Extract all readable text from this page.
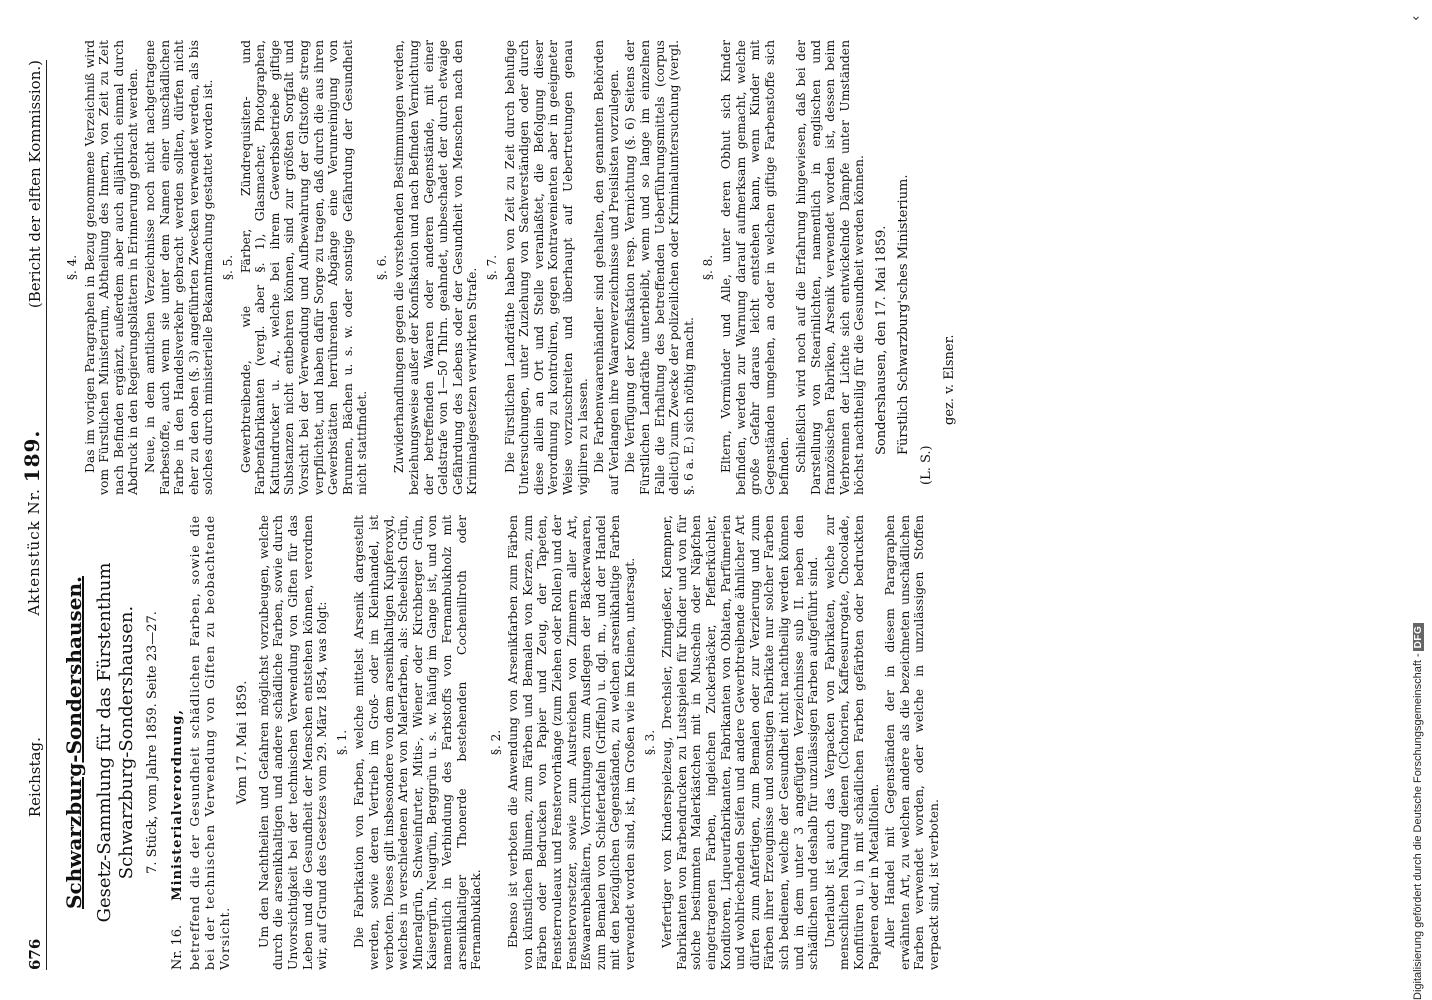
676
Reichstag.
Aktenstück Nr. 189.
(Bericht der elften Kommission.)
Schwarzburg-Sondershausen. Gesetz-Sammlung für das Fürstenthum Schwarzburg-Sondershausen. 7. Stück, vom Jahre 1859. Seite 23—27.
Nr. 16. Ministerialverordnung, betreffend die der Gesundheit schädlichen Farben, sowie die bei der technischen Verwendung von Giften zu beobachtende Vorsicht.
Vom 17. Mai 1859. Um den Nachtheilen und Gefahren möglichst vorzubeugen, welche durch die arsenikhaltigen und andere schädliche Farben, sowie durch Unvorsichtigkeit bei der technischen Verwendung von Giften für das Leben und die Gesundheit der Menschen entstehen können, verordnen wir, auf Grund des Gesetzes vom 29. März 1854, was folgt: §. 1. Die Fabrikation von Farben, welche mittelst Arsenik dargestellt werden, sowie deren Vertrieb im Groß- oder im Kleinhandel, ist verboten. Dieses gilt insbesondere von dem arsenikhaltigen Kupferoxyd, welches in verschiedenen Arten von Malerfarben, als: Scheelisch Grün, Mineralgrün, Schweinfurter, Mitis-, Wiener oder Kirchberger Grün, Kaisergrün, Neugrün, Berggrün u. s. w. häufig im Gange ist, und von namentlich in Verbindung des Farbstoffs von Fernambukholz mit arsenikhaltiger Thonerde bestehenden Cochenillroth oder Fernambuklack.
§. 2. Ebenso ist verboten die Anwendung von Arsenikfarben zum Färben von künstlichen Blumen, zum Färben und Bemalen von Kerzen, zum Färben oder Bedrucken von Papier und Zeug, der Tapeten, Fensterrouleaux und Fenstervorhänge (zum Ziehen oder Rollen) und der Fenstervorsetzer, sowie zum Austreichen von Zimmern aller Art, Eßwaarenbehältern, Vorrichtungen zum Ausflegen der Bäckerwaaren, zum Bemalen von Schiefertafeln (Griffeln) u. dgl. m., und der Handel mit den bezüglichen Gegenständen, zu welchen arsenikhaltige Farben verwendet worden sind, ist, im Großen wie im Kleinen, untersagt. §. 3. Verfertiger von Kinderspielzeug, Drechsler, Zinngießer, Klempner, Fabrikanten von Farbendrucken zu Lustspielen für Kinder und von für solche bestimmten Malerkästchen mit in Muscheln oder Näpfchen eingetragenen Farben, ingleichen Zuckerbäcker, Pfefferküchler, Konditoren, Liqueurfabrikanten, Fabrikanten von Oblaten, Parfümerien und wohlriechenden Seifen und andere Gewerbtreibende ähnlicher Art dürfen zum Anfertigen, zum Bemalen oder zur Verzierung und zum Färben ihrer Erzeugnisse und sonstigen Fabrikate nur solcher Farben sich bedienen, welche der Gesundheit nicht nachtheilig werden können und in dem unter 3 angefügten Verzeichnisse sub II. neben den schädlichen und deshalb für unzulässigen Farben aufgeführt sind. Unerlaubt ist auch das Verpacken von Fabrikaten, welche zur menschlichen Nahrung dienen (Cichorien, Kaffeesurrogate, Chocolade, Konfitüren u.) in mit schädlichen Farben gefärbten oder bedruckten Papieren oder in Metallfolien. Aller Handel mit Gegenständen der in diesem Paragraphen erwähnten Art, zu welchen andere als die bezeichneten unschädlichen Farben verwendet worden, oder welche in unzulässigen Stoffen verpackt sind, ist verboten.
§. 4. Das im vorigen Paragraphen in Bezug genommene Verzeichniß wird vom Fürstlichen Ministerium, Abtheilung des Innern, von Zeit zu Zeit nach Befinden ergänzt, außerdem aber auch alljährlich einmal durch Abdruck in den Regierungsblättern in Erinnerung gebracht werden. Neue, in dem amtlichen Verzeichnisse noch nicht nachgetragene Farbestoffe, auch wenn sie unter dem Namen einer unschädlichen Farbe in den Handelsverkehr gebracht werden sollten, dürfen nicht eher zu den oben (§. 3) angeführten Zwecken verwendet werden, als bis solches durch ministerielle Bekanntmachung gestattet worden ist. §. 5. Gewerbtreibende, wie Färber, Zündrequisiten- und Farbenfabrikanten (vergl. aber §. 1), Glasmacher, Photographen, Kattundrucker u. A., welche bei ihrem Gewerbsbetriebe giftige Substanzen nicht entbehren können, sind zur größten Sorgfalt und Vorsicht bei der Verwendung und Aufbewahrung der Giftstoffe streng verpflichtet, und haben dafür Sorge zu tragen, daß durch die aus ihren Gewerbstätten herrührenden Abgänge eine Verunreinigung von Brunnen, Bächen u. s. w. oder sonstige Gefährdung der Gesundheit nicht stattfindet.
§. 6. Zuwiderhandlungen gegen die vorstehenden Bestimmungen werden, beziehungsweise außer der Konfiskation und nach Befinden Vernichtung der betreffenden Waaren oder anderen Gegenstände, mit einer Geldstrafe von 1—50 Thlrn. geahndet, unbeschadet der durch etwaige Gefährdung des Lebens oder der Gesundheit von Menschen nach den Kriminalgesetzen verwirkten Strafe.
§. 7. Die Fürstlichen Landräthe haben von Zeit zu Zeit durch behufige Untersuchungen, unter Zuziehung von Sachverständigen oder durch diese allein an Ort und Stelle veranlaßtet, die Befolgung dieser Verordnung zu kontroliren, gegen Kontravenienten aber in geeigneter Weise vorzuschreiten und überhaupt auf Uebertretungen genau vigiliren zu lassen. Die Farbenwaarenhändler sind gehalten, den genannten Behörden auf Verlangen ihre Waarenverzeichnisse und Preislisten vorzulegen. Die Verfügung der Konfiskation resp. Vernichtung (§. 6) Seitens der Fürstlichen Landräthe unterbleibt, wenn und so lange im einzelnen Falle die Erhaltung des betreffenden Ueberführungsmittels (corpus delicti) zum Zwecke der polizeilichen oder Kriminaluntersuchung (vergl. §. 6 a. E.) sich nöthig macht.
§. 8. Eltern, Vormünder und Alle, unter deren Obhut sich Kinder befinden, werden zur Warnung darauf aufmerksam gemacht, welche große Gefahr daraus leicht entstehen kann, wenn Kinder mit Gegenständen umgehen, an oder in welchen giftige Farbenstoffe sich befinden. Schließlich wird noch auf die Erfahrung hingewiesen, daß bei der Darstellung von Stearinlichten, namentlich in englischen und französischen Fabriken, Arsenik verwendet worden ist, dessen beim Verbrennen der Lichte sich entwickelnde Dämpfe unter Umständen höchst nachtheilig für die Gesundheit werden können. Sondershausen, den 17. Mai 1859. Fürstlich Schwarzburg'sches Ministerium.
(L. S.)
gez. v. Elsner.
Digitalisierung gefördert durch die Deutsche Forschungsgemeinschaft -DFG
⌄
